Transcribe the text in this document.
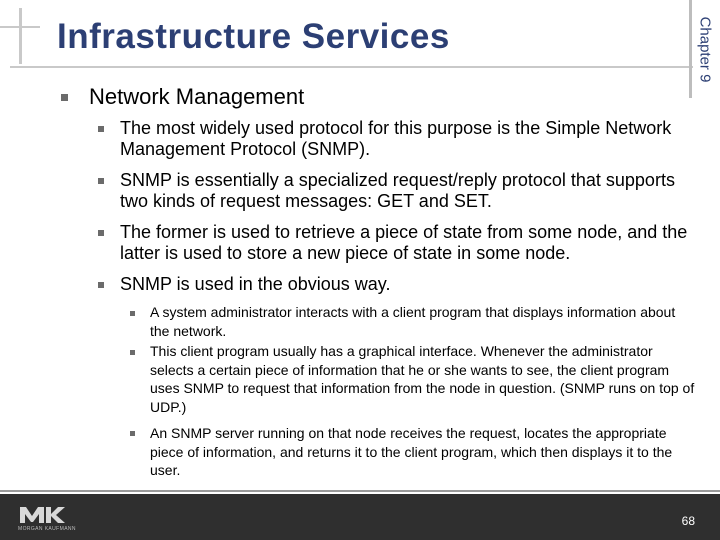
Infrastructure Services	Chapter 9
Network Management
The most widely used protocol for this purpose is the Simple Network Management Protocol (SNMP).
SNMP is essentially a specialized request/reply protocol that supports two kinds of request messages: GET and SET.
The former is used to retrieve a piece of state from some node, and the latter is used to store a new piece of state in some node.
SNMP is used in the obvious way.
A system administrator interacts with a client program that displays information about the network.
This client program usually has a graphical interface. Whenever the administrator selects a certain piece of information that he or she wants to see, the client program uses SNMP to request that information from the node in question. (SNMP runs on top of UDP.)
An SNMP server running on that node receives the request, locates the appropriate piece of information, and returns it to the client program, which then displays it to the user.
MORGAN KAUFMANN
68
